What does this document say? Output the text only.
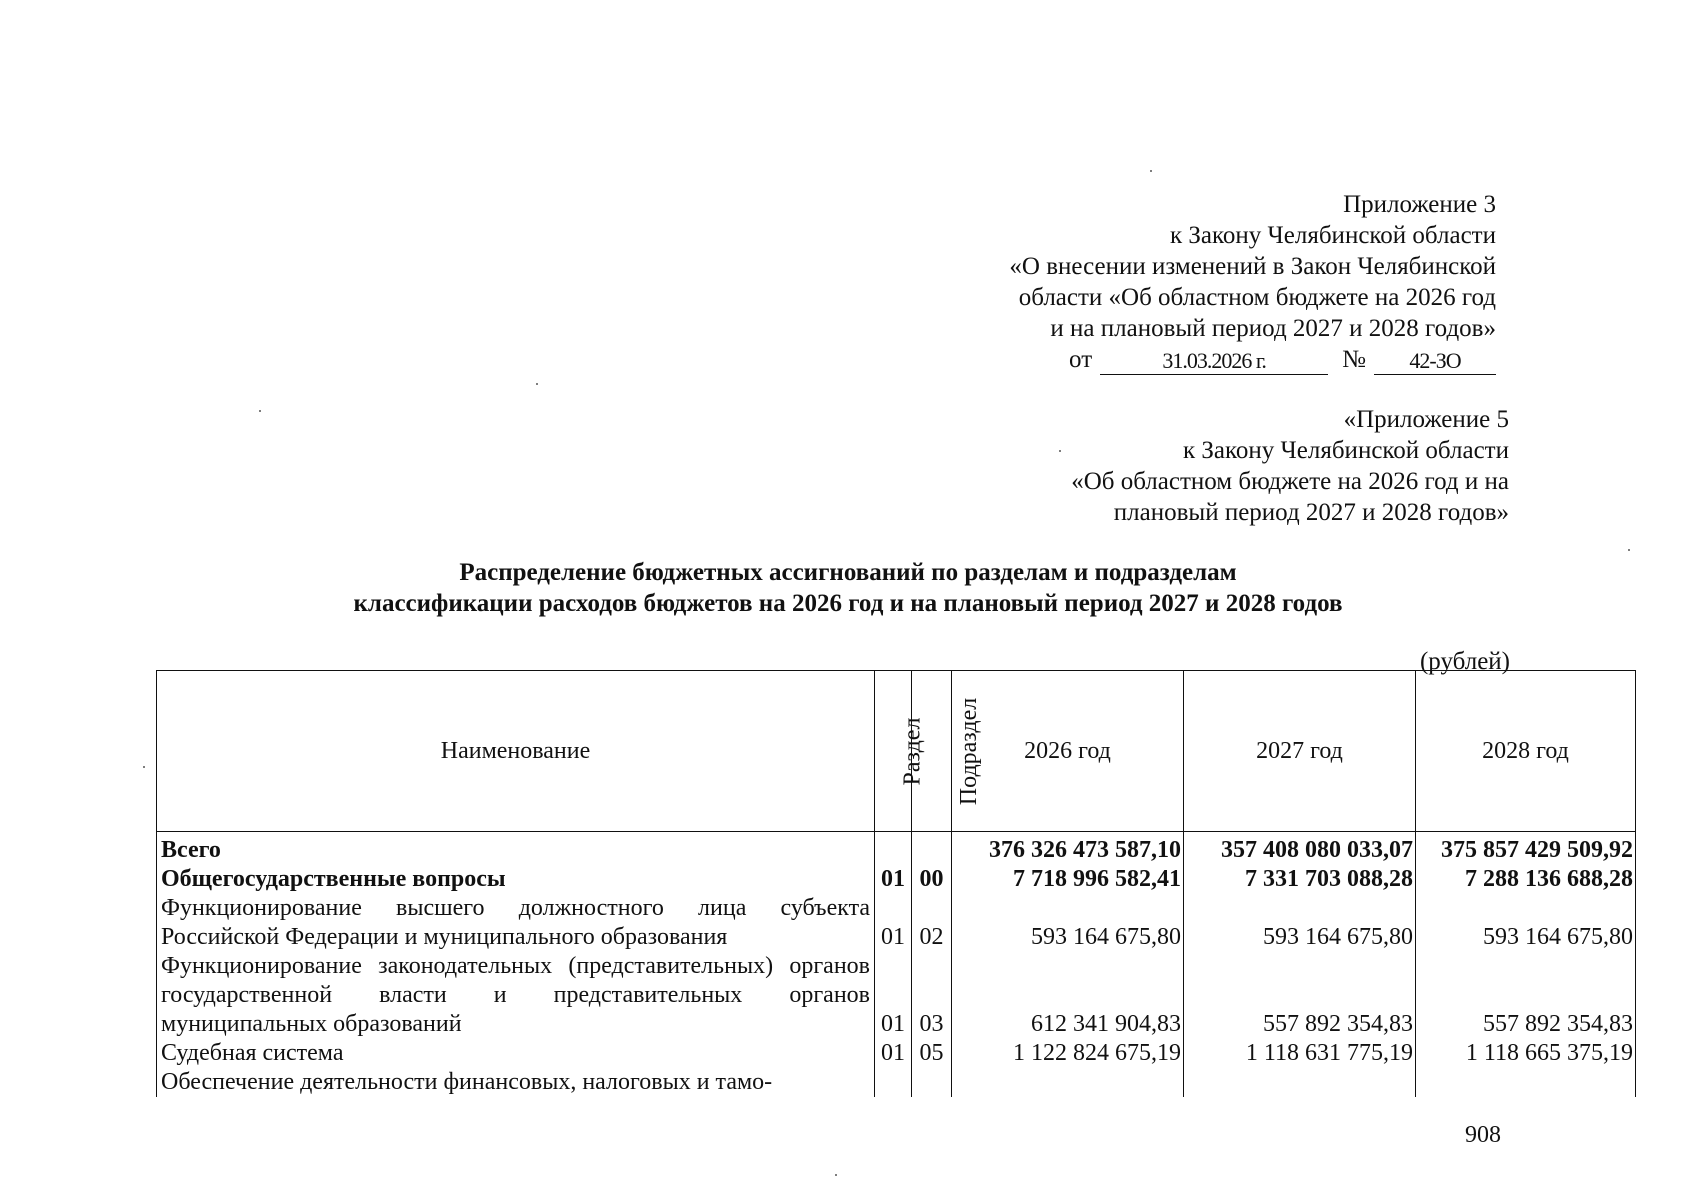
Приложение 3
к Закону Челябинской области
«О внесении изменений в Закон Челябинской
области «Об областном бюджете на 2026 год
и на плановый период 2027 и 2028 годов»
от	31.03.2026 г.	№	42-ЗО
«Приложение 5
к Закону Челябинской области
«Об областном бюджете на 2026 год и на
плановый период 2027 и 2028 годов»
Распределение бюджетных ассигнований по разделам и подразделам
классификации расходов бюджетов на 2026 год и на плановый период 2027 и 2028 годов
(рублей)
Наименование	Раздел	Подраздел	2026 год	2027 год	2028 год
Всего			376 326 473 587,10	357 408 080 033,07	375 857 429 509,92
Общегосударственные вопросы	01	00	7 718 996 582,41	7 331 703 088,28	7 288 136 688,28
Функционирование высшего должностного лица субъекта Российской Федерации и муниципального образования	01	02	593 164 675,80	593 164 675,80	593 164 675,80
Функционирование законодательных (представительных) органов государственной власти и представительных органов муниципальных образований	01	03	612 341 904,83	557 892 354,83	557 892 354,83
Судебная система	01	05	1 122 824 675,19	1 118 631 775,19	1 118 665 375,19
Обеспечение деятельности финансовых, налоговых и тамо-					
908
